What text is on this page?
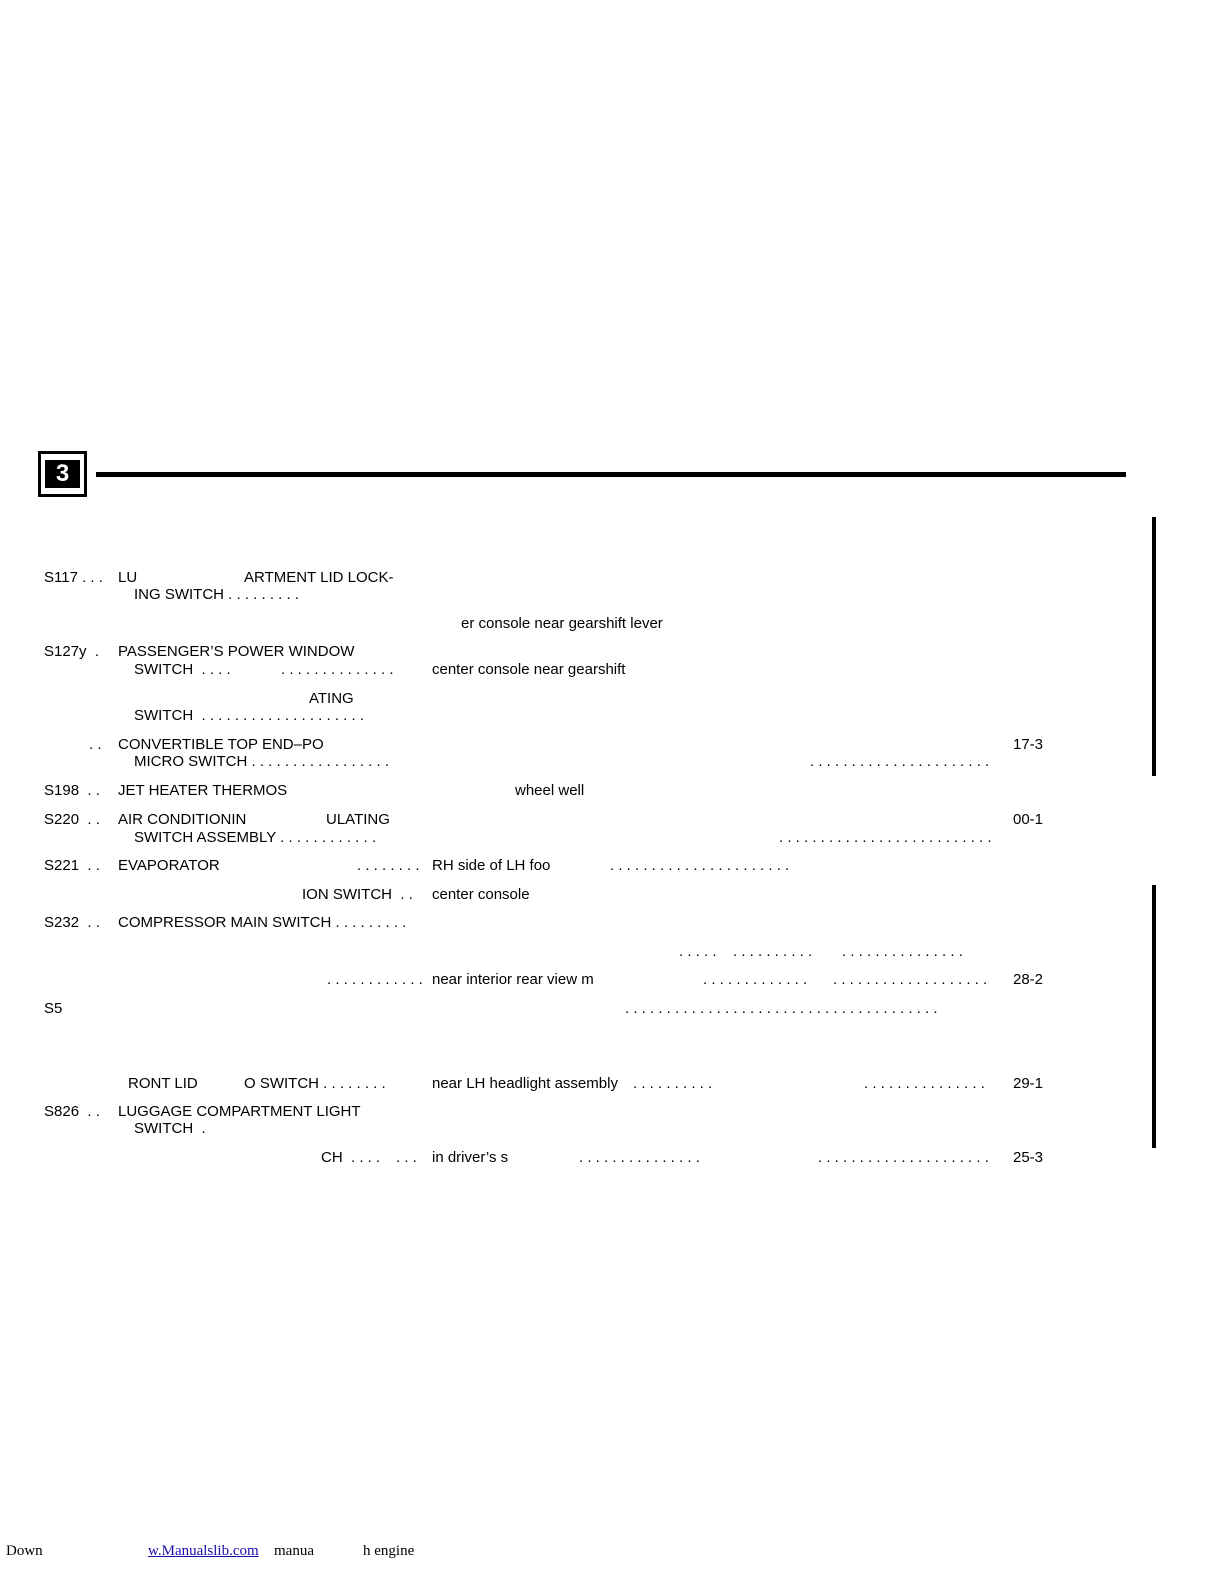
3
S117 . . . LU	ARTMENT LID LOCK-
ING SWITCH . . . . . . . . .
er console near gearshift lever
S127y  . PASSENGER’S POWER WINDOW
SWITCH  . . . .	. . . . . . . . . . . . . .	center console near gearshift
ATING
SWITCH  . . . . . . . . . . . . . . . . . . . .
. . CONVERTIBLE TOP END–PO	17-3
MICRO SWITCH . . . . . . . . . . . . . . . . .	. . . . . . . . . . . . . . . . . . . . . .
S198  . . JET HEATER THERMOS	wheel well
S220  . . AIR CONDITIONIN	ULATING	00-1
SWITCH ASSEMBLY . . . . . . . . . . . .	. . . . . . . . . . . . . . . . . . . . . . . . . .
S221  . . EVAPORATOR	. . . . . . . . RH side of LH foo	. . . . . . . . . . . . . . . . . . . . . .
ION SWITCH  . . center console
S232  . . COMPRESSOR MAIN SWITCH . . . . . . . . .
. . . . . . . . . . . . . . . . . . . . . . . . . . . . . .
. . . . . . . . . . . . near interior rear view m	. . . . . . . . . . . . . . . . . . . . . . . . . . . . . . . . 28-2
S5	. . . . . . . . . . . . . . . . . . . . . . . . . . . . . . . . . . . . . .
RONT LID	O SWITCH . . . . . . . .	near LH headlight assembly . . . . . . . . . .	. . . . . . . . . . . . . . . 29-1
S826  . . LUGGAGE COMPARTMENT LIGHT
SWITCH  .
CH  . . . . . . . in driver’s s	. . . . . . . . . . . . . . .	. . . . . . . . . . . . . . . . . . . . . 25-3
Down	w.Manualslib.com manua	h engine
